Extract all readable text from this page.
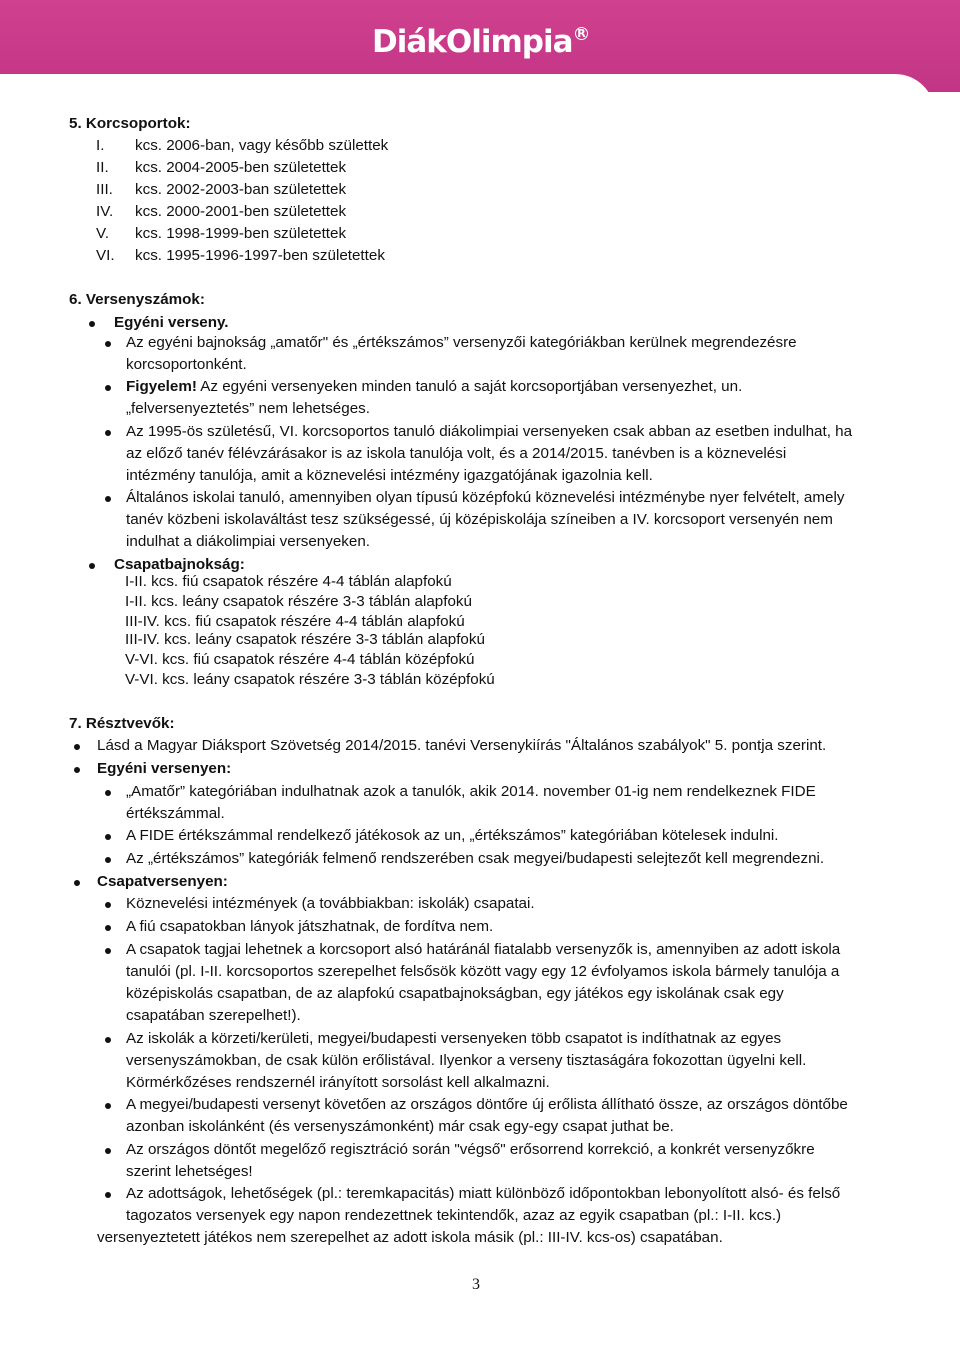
DiákOlimpia R
5. Korcsoportok:
I. kcs. 2006-ban, vagy később születtek
II. kcs. 2004-2005-ben születettek
III. kcs. 2002-2003-ban születettek
IV. kcs. 2000-2001-ben születettek
V. kcs. 1998-1999-ben születettek
VI. kcs. 1995-1996-1997-ben születettek
6. Versenyszámok:
Egyéni verseny.
Az egyéni bajnokság „amatőr" és „értékszámos” versenyzői kategóriákban kerülnek megrendezésre
korcsoportonként.
Figyelem! Az egyéni versenyeken minden tanuló a saját korcsoportjában versenyezhet, un.
„felversenyeztetés” nem lehetséges.
Az 1995-ös születésű, VI. korcsoportos tanuló diákolimpiai versenyeken csak abban az esetben indulhat, ha
az előző tanév félévzárásakor is az iskola tanulója volt, és a 2014/2015. tanévben is a köznevelési
intézmény tanulója, amit a köznevelési intézmény igazgatójának igazolnia kell.
Általános iskolai tanuló, amennyiben olyan típusú középfokú köznevelési intézménybe nyer felvételt, amely
tanév közbeni iskolaváltást tesz szükségessé, új középiskolája színeiben a IV. korcsoport versenyén nem
indulhat a diákolimpiai versenyeken.
Csapatbajnokság:
I-II. kcs. fiú csapatok részére 4-4 táblán alapfokú
I-II. kcs. leány csapatok részére 3-3 táblán alapfokú
III-IV. kcs. fiú csapatok részére 4-4 táblán alapfokú
III-IV. kcs. leány csapatok részére 3-3 táblán alapfokú
V-VI. kcs. fiú csapatok részére 4-4 táblán középfokú
V-VI. kcs. leány csapatok részére 3-3 táblán középfokú
7. Résztvevők:
Lásd a Magyar Diáksport Szövetség 2014/2015. tanévi Versenykiírás "Általános szabályok" 5. pontja szerint.
Egyéni versenyen:
„Amatőr” kategóriában indulhatnak azok a tanulók, akik 2014. november 01-ig nem rendelkeznek FIDE
értékszámmal.
A FIDE értékszámmal rendelkező játékosok az un, „értékszámos” kategóriában kötelesek indulni.
Az „értékszámos” kategóriák felmenő rendszerében csak megyei/budapesti selejtezőt kell megrendezni.
Csapatversenyen:
Köznevelési intézmények (a továbbiakban: iskolák) csapatai.
A fiú csapatokban lányok játszhatnak, de fordítva nem.
A csapatok tagjai lehetnek a korcsoport alsó határánál fiatalabb versenyzők is, amennyiben az adott iskola
tanulói (pl. I-II. korcsoportos szerepelhet felsősök között vagy egy 12 évfolyamos iskola bármely tanulója a
középiskolás csapatban, de az alapfokú csapatbajnokságban, egy játékos egy iskolának csak egy
csapatában szerepelhet!).
Az iskolák a körzeti/kerületi, megyei/budapesti versenyeken több csapatot is indíthatnak az egyes
versenyszámokban, de csak külön erőlistával. Ilyenkor a verseny tisztaságára fokozottan ügyelni kell.
Körmérkőzéses rendszernél irányított sorsolást kell alkalmazni.
A megyei/budapesti versenyt követően az országos döntőre új erőlista állítható össze, az országos döntőbe
azonban iskolánként (és versenyszámonként) már csak egy-egy csapat juthat be.
Az országos döntőt megelőző regisztráció során "végső" erősorrend korrekció, a konkrét versenyzőkre
szerint lehetséges!
Az adottságok, lehetőségek (pl.: teremkapacitás) miatt különböző időpontokban lebonyolított alsó- és felső
tagozatos versenyek egy napon rendezettnek tekintendők, azaz az egyik csapatban (pl.: I-II. kcs.)
versenyeztetett játékos nem szerepelhet az adott iskola másik (pl.: III-IV. kcs-os) csapatában.
3
